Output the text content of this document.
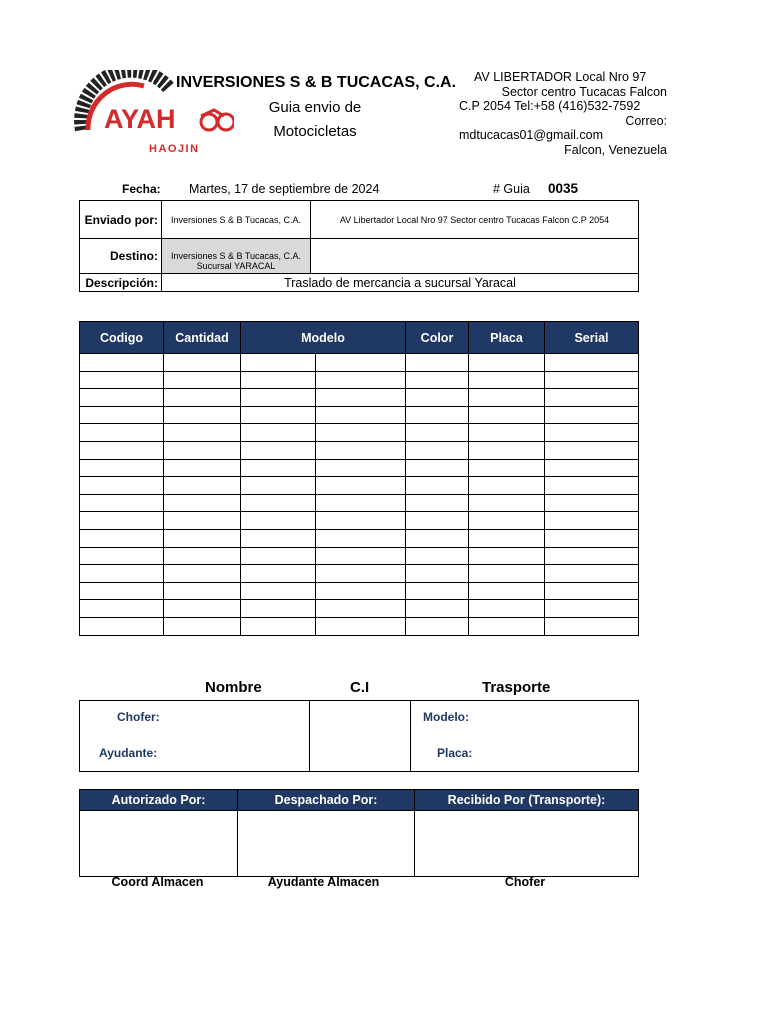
AYAH
HAOJIN
INVERSIONES S & B TUCACAS, C.A.
Guia envio de
Motocicletas
AV LIBERTADOR Local Nro 97
Sector centro Tucacas Falcon
C.P 2054 Tel:+58 (416)532-7592
Correo:
mdtucacas01@gmail.com
Falcon, Venezuela
Fecha: Martes, 17 de septiembre de 2024	# Guia 0035
Enviado por:	Inversiones S & B Tucacas, C.A.	AV Libertador Local Nro 97 Sector centro Tucacas Falcon C.P 2054
Destino:	Inversiones S & B Tucacas, C.A.
Sucursal YARACAL	

Descripción:	Traslado de mercancia a sucursal Yaracal	
Codigo	Cantidad	Modelo		Color	Placa	Serial

Nombre	C.I	Trasporte

Chofer:
Ayudante:
Modelo:
Placa:
Autorizado Por:	Despachado Por:	Recibido Por (Transporte):

Coord Almacen	Ayudante Almacen	Chofer
